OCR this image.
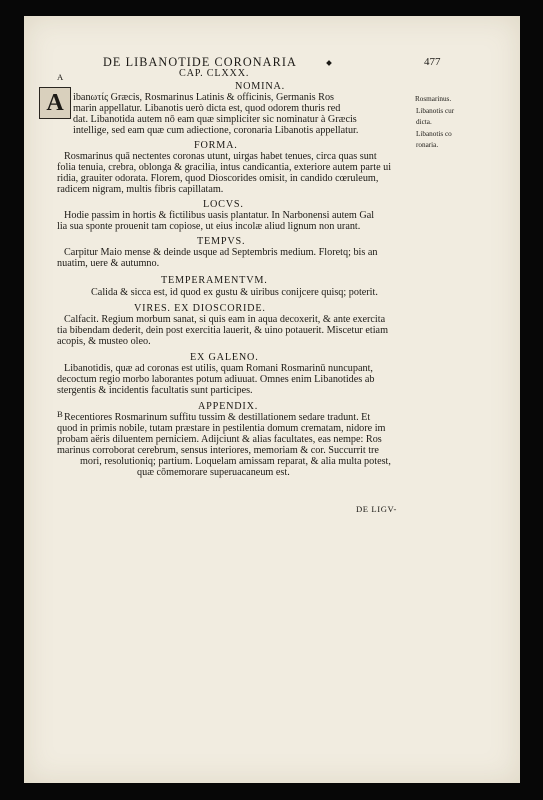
DE LIBANOTIDE CORONARIA	477
CAP. CLXXX.
A
NOMINA.
A ibanωτίς Græcis, Rosmarinus Latinis & officinis, Germanis Ros
marin appellatur. Libanotis uerò dicta est, quod odorem thuris red
dat. Libanotida autem nō eam quæ simpliciter sic nominatur à Græcis
intellige, sed eam quæ cum adiectione, coronaria Libanotis appellatur.
FORMA.
Rosmarinus quā nectentes coronas utunt, uirgas habet tenues, circa quas sunt
folia tenuia, crebra, oblonga & gracilia, intus candicantia, exteriore autem parte ui
ridia, grauiter odorata. Florem, quod Dioscorides omisit, in candido cœruleum,
radicem nigram, multis fibris capillatam.
LOCVS.
Hodie passim in hortis & fictilibus uasis plantatur. In Narbonensi autem Gal
lia sua sponte prouenit tam copiose, ut eius incolæ aliud lignum non urant.
TEMPVS.
Carpitur Maio mense & deinde usque ad Septembris medium. Floretq; bis an
nuatim, uere & autumno.
TEMPERAMENTVM.
Calida & sicca est, id quod ex gustu & uiribus conijcere quisq; poterit.
VIRES. EX DIOSCORIDE.
Calfacit. Regium morbum sanat, si quis eam in aqua decoxerit, & ante exercita
tia bibendam dederit, dein post exercitia lauerit, & uino potauerit. Miscetur etiam
acopis, & musteo oleo.
EX GALENO.
Libanotidis, quæ ad coronas est utilis, quam Romani Rosmarinū nuncupant,
decoctum regio morbo laborantes potum adiuuat. Omnes enim Libanotides ab
stergentis & incidentis facultatis sunt participes.
APPENDIX.
B Recentiores Rosmarinum suffitu tussim & destillationem sedare tradunt. Et
quod in primis nobile, tutam præstare in pestilentia domum crematam, nidore im
probam aëris diluentem perniciem. Adijciunt & alias facultates, eas nempe: Ros
marinus corroborat cerebrum, sensus interiores, memoriam & cor. Succurrit tre
mori, resolutioniq; partium. Loquelam amissam reparat, & alia multa potest,
quæ cōmemorare superuacaneum est.
Rosmarinus.
Libanotis cur
dicta.
Libanotis co
ronaria.
DE LIGV-
